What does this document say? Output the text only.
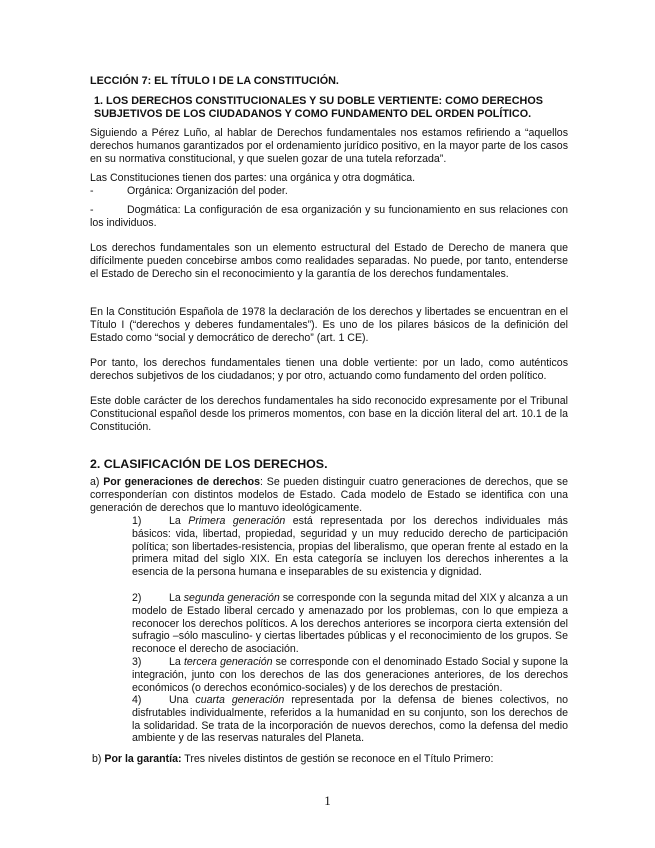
LECCIÓN 7: EL TÍTULO I DE LA CONSTITUCIÓN.
1. LOS DERECHOS CONSTITUCIONALES Y SU DOBLE VERTIENTE: COMO DERECHOS SUBJETIVOS DE LOS CIUDADANOS Y COMO FUNDAMENTO DEL ORDEN POLÍTICO.
Siguiendo a Pérez Luño, al hablar de Derechos fundamentales nos estamos refiriendo a “aquellos derechos humanos garantizados por el ordenamiento jurídico positivo, en la mayor parte de los casos en su normativa constitucional, y que suelen gozar de una tutela reforzada”.
Las Constituciones tienen dos partes: una orgánica y otra dogmática.
-	Orgánica: Organización del poder.
-	Dogmática: La configuración de esa organización y su funcionamiento en sus relaciones con los individuos.
Los derechos fundamentales son un elemento estructural del Estado de Derecho de manera que difícilmente pueden concebirse ambos como realidades separadas. No puede, por tanto, entenderse el Estado de Derecho sin el reconocimiento y la garantía de los derechos fundamentales.
En la Constitución Española de 1978 la declaración de los derechos y libertades se encuentran en el Título I (“derechos y deberes fundamentales”). Es uno de los pilares básicos de la definición del Estado como “social y democrático de derecho” (art. 1 CE).
Por tanto, los derechos fundamentales tienen una doble vertiente: por un lado, como auténticos derechos subjetivos de los ciudadanos; y por otro, actuando como fundamento del orden político.
Este doble carácter de los derechos fundamentales ha sido reconocido expresamente por el Tribunal Constitucional español desde los primeros momentos, con base en la dicción literal del art. 10.1 de la Constitución.
2. CLASIFICACIÓN DE LOS DERECHOS.
a) Por generaciones de derechos: Se pueden distinguir cuatro generaciones de derechos, que se corresponderían con distintos modelos de Estado. Cada modelo de Estado se identifica con una generación de derechos que lo mantuvo ideológicamente.
1)	La Primera generación está representada por los derechos individuales más básicos: vida, libertad, propiedad, seguridad y un muy reducido derecho de participación política; son libertades-resistencia, propias del liberalismo, que operan frente al estado en la primera mitad del siglo XIX. En esta categoría se incluyen los derechos inherentes a la esencia de la persona humana e inseparables de su existencia y dignidad.
2)	La segunda generación se corresponde con la segunda mitad del XIX y alcanza a un modelo de Estado liberal cercado y amenazado por los problemas, con lo que empieza a reconocer los derechos políticos. A los derechos anteriores se incorpora cierta extensión del sufragio –sólo masculino- y ciertas libertades públicas y el reconocimiento de los grupos. Se reconoce el derecho de asociación.
3)	La tercera generación se corresponde con el denominado Estado Social y supone la integración, junto con los derechos de las dos generaciones anteriores, de los derechos económicos (o derechos económico-sociales) y de los derechos de prestación.
4)	Una cuarta generación representada por la defensa de bienes colectivos, no disfrutables individualmente, referidos a la humanidad en su conjunto, son los derechos de la solidaridad. Se trata de la incorporación de nuevos derechos, como la defensa del medio ambiente y de las reservas naturales del Planeta.
b) Por la garantía: Tres niveles distintos de gestión se reconoce en el Título Primero:
1
